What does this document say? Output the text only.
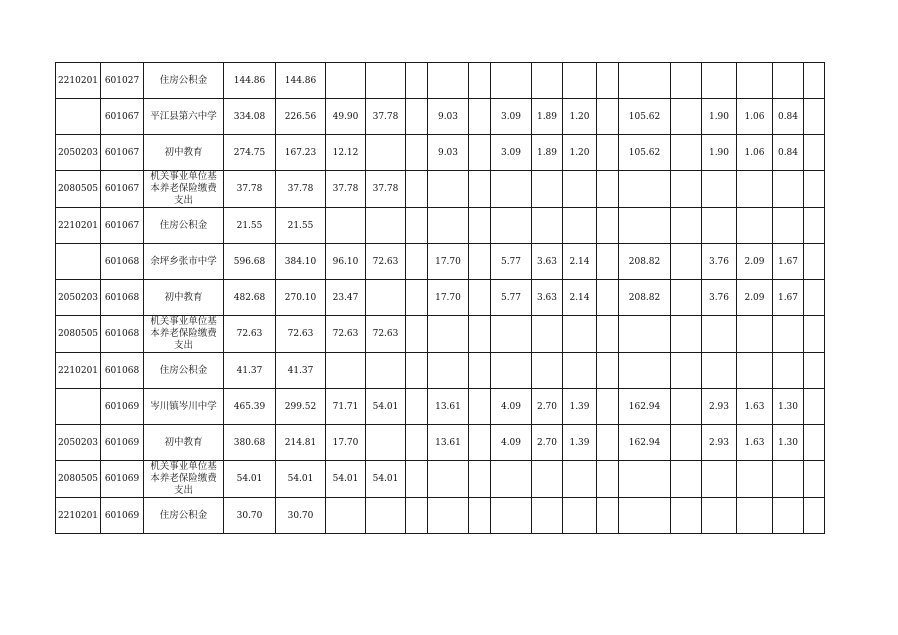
2210201	601027	住房公积金	144.86	144.86															
	601067	平江县第六中学	334.08	226.56	49.90	37.78		9.03		3.09	1.89	1.20		105.62		1.90	1.06	0.84	
2050203	601067	初中教育	274.75	167.23	12.12			9.03		3.09	1.89	1.20		105.62		1.90	1.06	0.84	
2080505	601067	机关事业单位基本养老保险缴费支出	37.78	37.78	37.78	37.78													
2210201	601067	住房公积金	21.55	21.55															
	601068	余坪乡张市中学	596.68	384.10	96.10	72.63		17.70		5.77	3.63	2.14		208.82		3.76	2.09	1.67	
2050203	601068	初中教育	482.68	270.10	23.47			17.70		5.77	3.63	2.14		208.82		3.76	2.09	1.67	
2080505	601068	机关事业单位基本养老保险缴费支出	72.63	72.63	72.63	72.63													
2210201	601068	住房公积金	41.37	41.37															
	601069	岑川镇岑川中学	465.39	299.52	71.71	54.01		13.61		4.09	2.70	1.39		162.94		2.93	1.63	1.30	
2050203	601069	初中教育	380.68	214.81	17.70			13.61		4.09	2.70	1.39		162.94		2.93	1.63	1.30	
2080505	601069	机关事业单位基本养老保险缴费支出	54.01	54.01	54.01	54.01													
2210201	601069	住房公积金	30.70	30.70															
